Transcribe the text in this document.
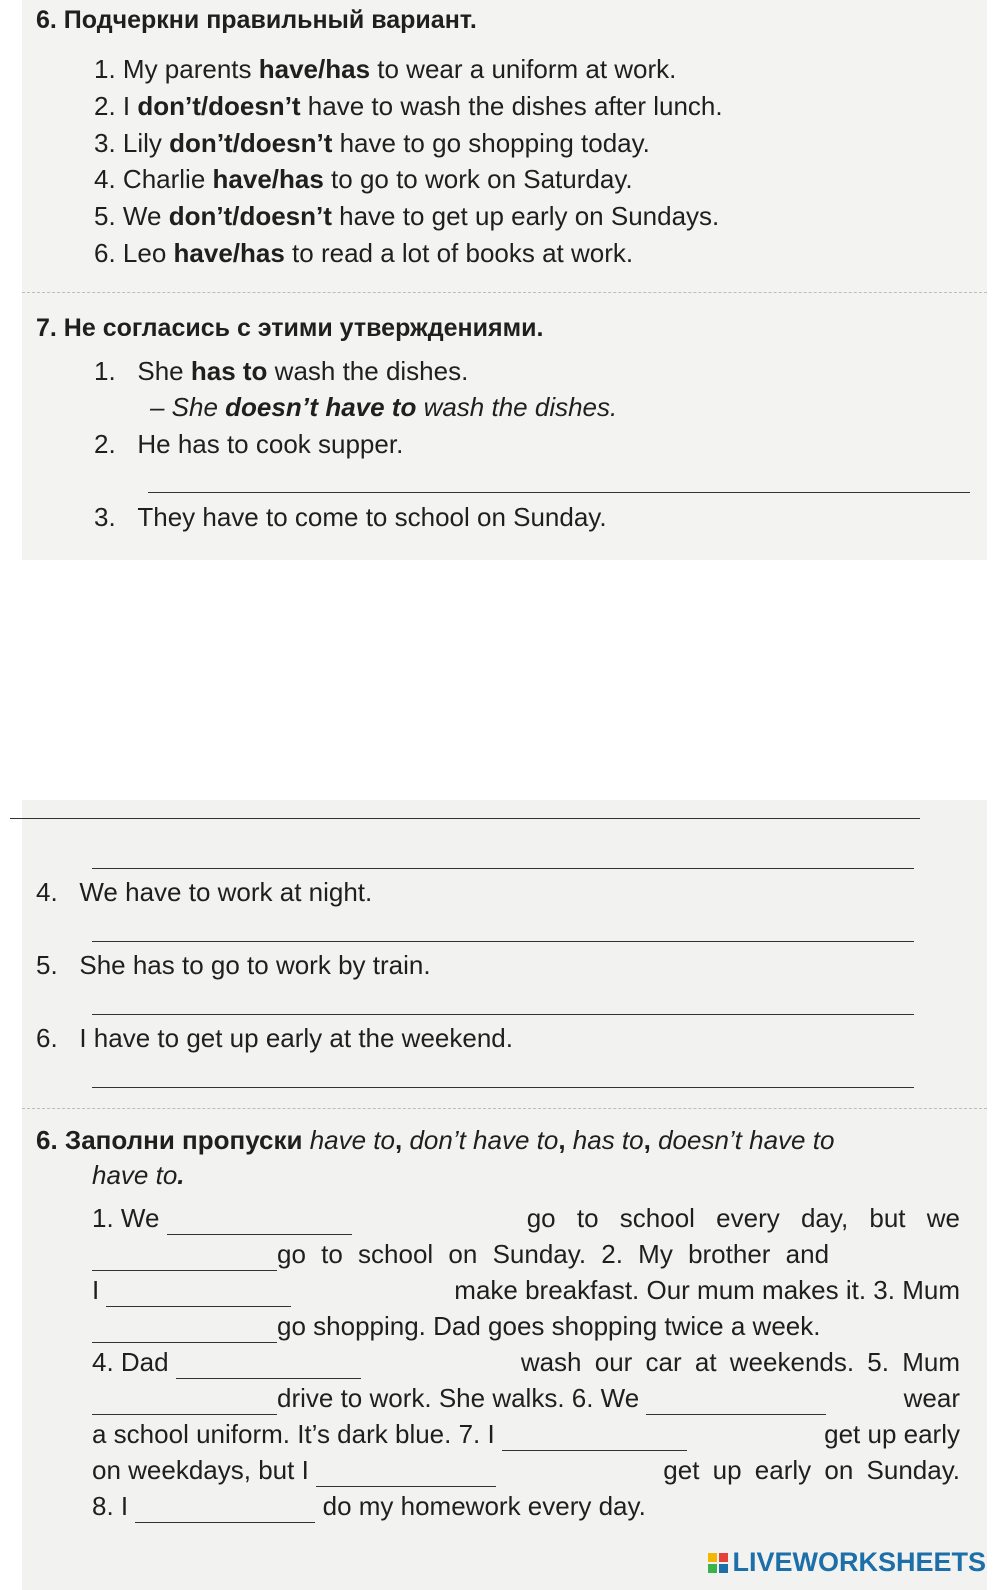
6. Подчеркни правильный вариант.
1. My parents have/has to wear a uniform at work.
2. I don’t/doesn’t have to wash the dishes after lunch.
3. Lily don’t/doesn’t have to go shopping today.
4. Charlie have/has to go to work on Saturday.
5. We don’t/doesn’t have to get up early on Sundays.
6. Leo have/has to read a lot of books at work.
7. Не согласись с этими утверждениями.
1. She has to wash the dishes.
– She doesn’t have to wash the dishes.
2. He has to cook supper.
3. They have to come to school on Sunday.
4. We have to work at night.
5. She has to go to work by train.
6. I have to get up early at the weekend.
6. Заполни пропуски have to, don’t have to, has to, doesn’t have to
have to.
1. We	go to school every day, but we
go to school on Sunday. 2. My brother and
I	make breakfast. Our mum makes it. 3. Mum
go shopping. Dad goes shopping twice a week.
4. Dad	wash our car at weekends. 5. Mum
drive to work. She walks. 6. We	wear
a school uniform. It’s dark blue. 7. I	get up early
on weekdays, but I	get up early on Sunday.
8. I	do my homework every day.
LIVEWORKSHEETS
